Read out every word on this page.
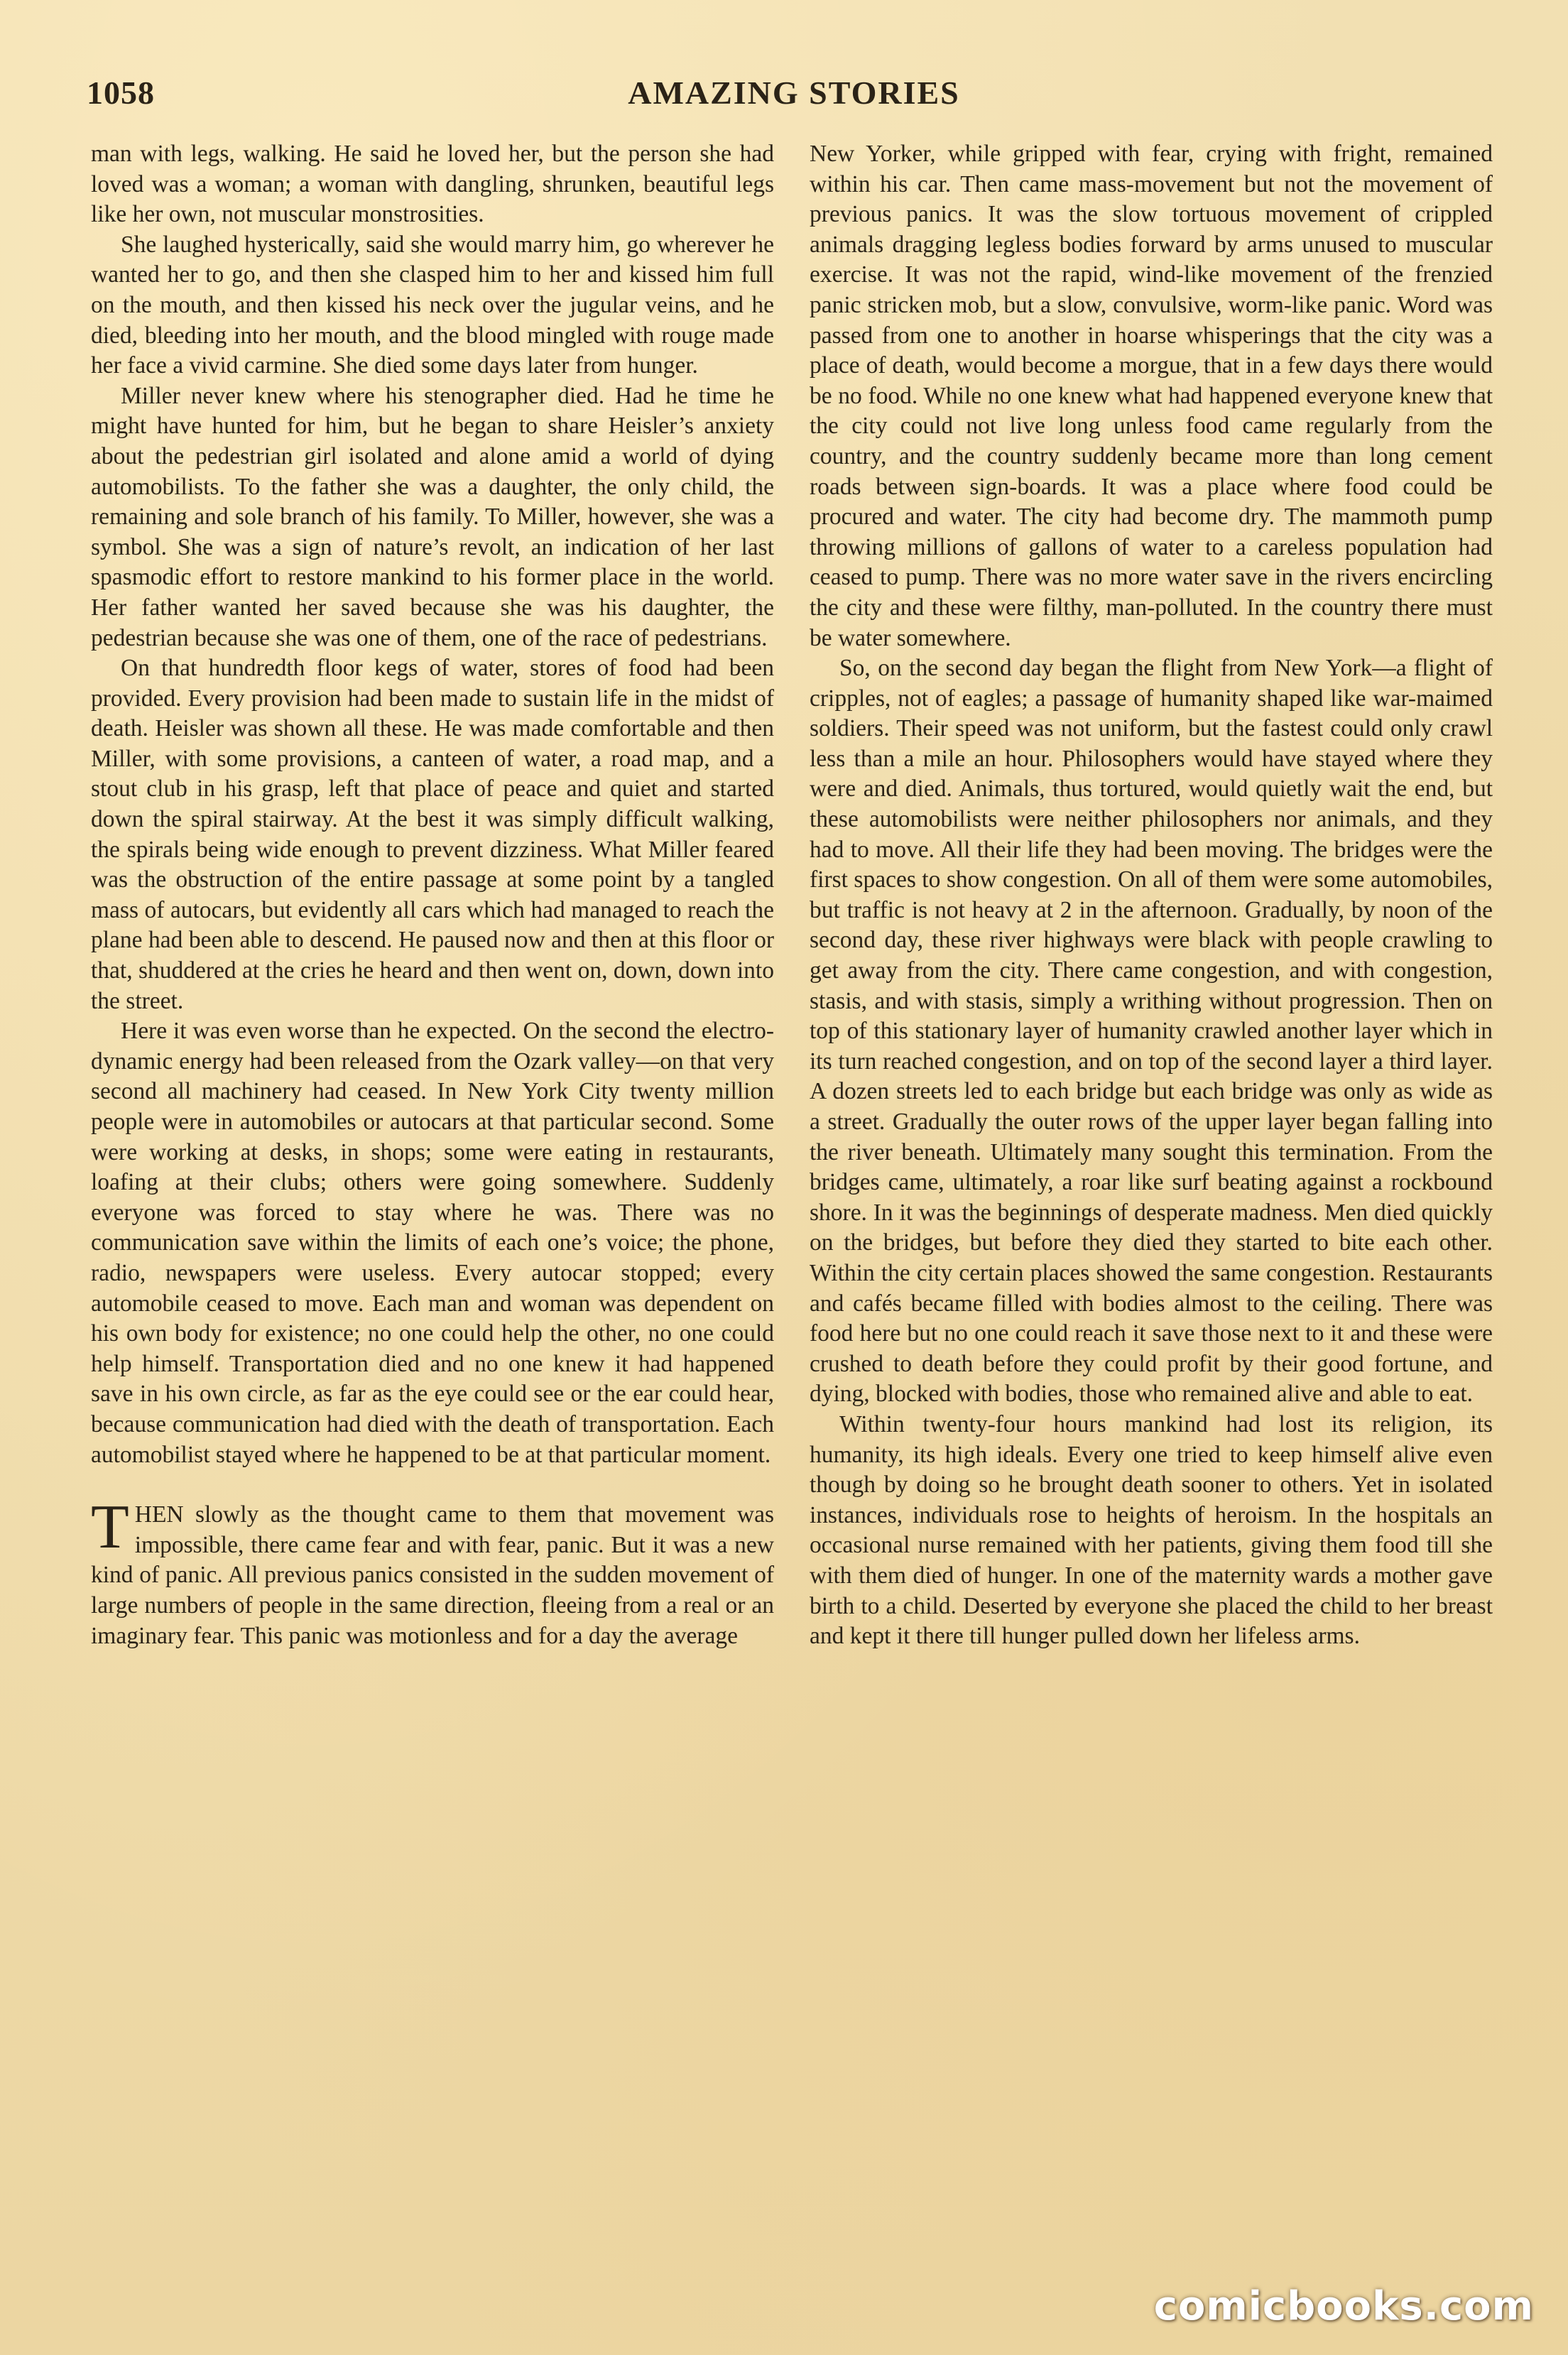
1058	AMAZING STORIES

man with legs, walking. He said he loved her, but the person she had loved was a woman; a woman with dangling, shrunken, beautiful legs like her own, not muscular monstrosities.

She laughed hysterically, said she would marry him, go wherever he wanted her to go, and then she clasped him to her and kissed him full on the mouth, and then kissed his neck over the jugular veins, and he died, bleeding into her mouth, and the blood mingled with rouge made her face a vivid carmine. She died some days later from hunger.

Miller never knew where his stenographer died. Had he time he might have hunted for him, but he began to share Heisler’s anxiety about the pedestrian girl isolated and alone amid a world of dying automobilists. To the father she was a daughter, the only child, the remaining and sole branch of his family. To Miller, however, she was a symbol. She was a sign of nature’s revolt, an indication of her last spasmodic effort to restore mankind to his former place in the world. Her father wanted her saved because she was his daughter, the pedestrian because she was one of them, one of the race of pedestrians.

On that hundredth floor kegs of water, stores of food had been provided. Every provision had been made to sustain life in the midst of death. Heisler was shown all these. He was made comfortable and then Miller, with some provisions, a canteen of water, a road map, and a stout club in his grasp, left that place of peace and quiet and started down the spiral stairway. At the best it was simply difficult walking, the spirals being wide enough to prevent dizziness. What Miller feared was the obstruction of the entire passage at some point by a tangled mass of autocars, but evidently all cars which had managed to reach the plane had been able to descend. He paused now and then at this floor or that, shuddered at the cries he heard and then went on, down, down into the street.

Here it was even worse than he expected. On the second the electro-dynamic energy had been released from the Ozark valley—on that very second all machinery had ceased. In New York City twenty million people were in automobiles or autocars at that particular second. Some were working at desks, in shops; some were eating in restaurants, loafing at their clubs; others were going somewhere. Suddenly everyone was forced to stay where he was. There was no communication save within the limits of each one’s voice; the phone, radio, newspapers were useless. Every autocar stopped; every automobile ceased to move. Each man and woman was dependent on his own body for existence; no one could help the other, no one could help himself. Transportation died and no one knew it had happened save in his own circle, as far as the eye could see or the ear could hear, because communication had died with the death of transportation. Each automobilist stayed where he happened to be at that particular moment.

THEN slowly as the thought came to them that movement was impossible, there came fear and with fear, panic. But it was a new kind of panic. All previous panics consisted in the sudden movement of large numbers of people in the same direction, fleeing from a real or an imaginary fear. This panic was motionless and for a day the average

New Yorker, while gripped with fear, crying with fright, remained within his car. Then came mass-movement but not the movement of previous panics. It was the slow tortuous movement of crippled animals dragging legless bodies forward by arms unused to muscular exercise. It was not the rapid, wind-like movement of the frenzied panic stricken mob, but a slow, convulsive, worm-like panic. Word was passed from one to another in hoarse whisperings that the city was a place of death, would become a morgue, that in a few days there would be no food. While no one knew what had happened everyone knew that the city could not live long unless food came regularly from the country, and the country suddenly became more than long cement roads between sign-boards. It was a place where food could be procured and water. The city had become dry. The mammoth pump throwing millions of gallons of water to a careless population had ceased to pump. There was no more water save in the rivers encircling the city and these were filthy, man-polluted. In the country there must be water somewhere.

So, on the second day began the flight from New York—a flight of cripples, not of eagles; a passage of humanity shaped like war-maimed soldiers. Their speed was not uniform, but the fastest could only crawl less than a mile an hour. Philosophers would have stayed where they were and died. Animals, thus tortured, would quietly wait the end, but these automobilists were neither philosophers nor animals, and they had to move. All their life they had been moving. The bridges were the first spaces to show congestion. On all of them were some automobiles, but traffic is not heavy at 2 in the afternoon. Gradually, by noon of the second day, these river highways were black with people crawling to get away from the city. There came congestion, and with congestion, stasis, and with stasis, simply a writhing without progression. Then on top of this stationary layer of humanity crawled another layer which in its turn reached congestion, and on top of the second layer a third layer. A dozen streets led to each bridge but each bridge was only as wide as a street. Gradually the outer rows of the upper layer began falling into the river beneath. Ultimately many sought this termination. From the bridges came, ultimately, a roar like surf beating against a rockbound shore. In it was the beginnings of desperate madness. Men died quickly on the bridges, but before they died they started to bite each other. Within the city certain places showed the same congestion. Restaurants and cafés became filled with bodies almost to the ceiling. There was food here but no one could reach it save those next to it and these were crushed to death before they could profit by their good fortune, and dying, blocked with bodies, those who remained alive and able to eat.

Within twenty-four hours mankind had lost its religion, its humanity, its high ideals. Every one tried to keep himself alive even though by doing so he brought death sooner to others. Yet in isolated instances, individuals rose to heights of heroism. In the hospitals an occasional nurse remained with her patients, giving them food till she with them died of hunger. In one of the maternity wards a mother gave birth to a child. Deserted by everyone she placed the child to her breast and kept it there till hunger pulled down her lifeless arms.

comicbooks.com
